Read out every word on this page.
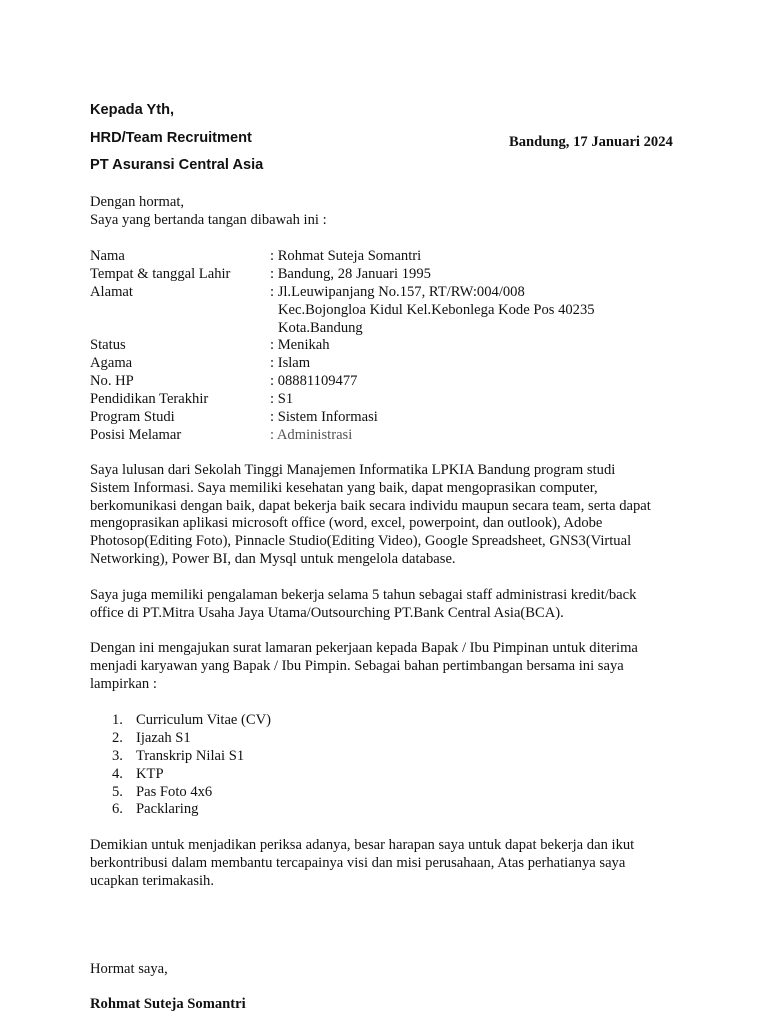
Kepada Yth,
HRD/Team Recruitment
PT Asuransi Central Asia
Bandung, 17 Januari 2024
Dengan hormat,
Saya yang bertanda tangan dibawah ini :
Nama	: Rohmat Suteja Somantri
Tempat & tanggal Lahir	: Bandung, 28 Januari 1995
Alamat	: Jl.Leuwipanjang No.157, RT/RW:004/008
Kec.Bojongloa Kidul Kel.Kebonlega Kode Pos 40235
Kota.Bandung
Status	: Menikah
Agama	: Islam
No. HP	: 08881109477
Pendidikan Terakhir	: S1
Program Studi	: Sistem Informasi
Posisi Melamar	: Administrasi
Saya lulusan dari Sekolah Tinggi Manajemen Informatika LPKIA Bandung program studi
Sistem Informasi. Saya memiliki kesehatan yang baik, dapat mengoprasikan computer,
berkomunikasi dengan baik, dapat bekerja baik secara individu maupun secara team, serta dapat
mengoprasikan aplikasi microsoft office (word, excel, powerpoint, dan outlook), Adobe
Photosop(Editing Foto), Pinnacle Studio(Editing Video), Google Spreadsheet, GNS3(Virtual
Networking), Power BI, dan Mysql untuk mengelola database.
Saya juga memiliki pengalaman bekerja selama 5 tahun sebagai staff administrasi kredit/back
office di PT.Mitra Usaha Jaya Utama/Outsourching PT.Bank Central Asia(BCA).
Dengan ini mengajukan surat lamaran pekerjaan kepada Bapak / Ibu Pimpinan untuk diterima
menjadi karyawan yang Bapak / Ibu Pimpin. Sebagai bahan pertimbangan bersama ini saya
lampirkan :
1. Curriculum Vitae (CV)
2. Ijazah S1
3. Transkrip Nilai S1
4. KTP
5. Pas Foto 4x6
6. Packlaring
Demikian untuk menjadikan periksa adanya, besar harapan saya untuk dapat bekerja dan ikut
berkontribusi dalam membantu tercapainya visi dan misi perusahaan, Atas perhatianya saya
ucapkan terimakasih.
Hormat saya,
Rohmat Suteja Somantri
